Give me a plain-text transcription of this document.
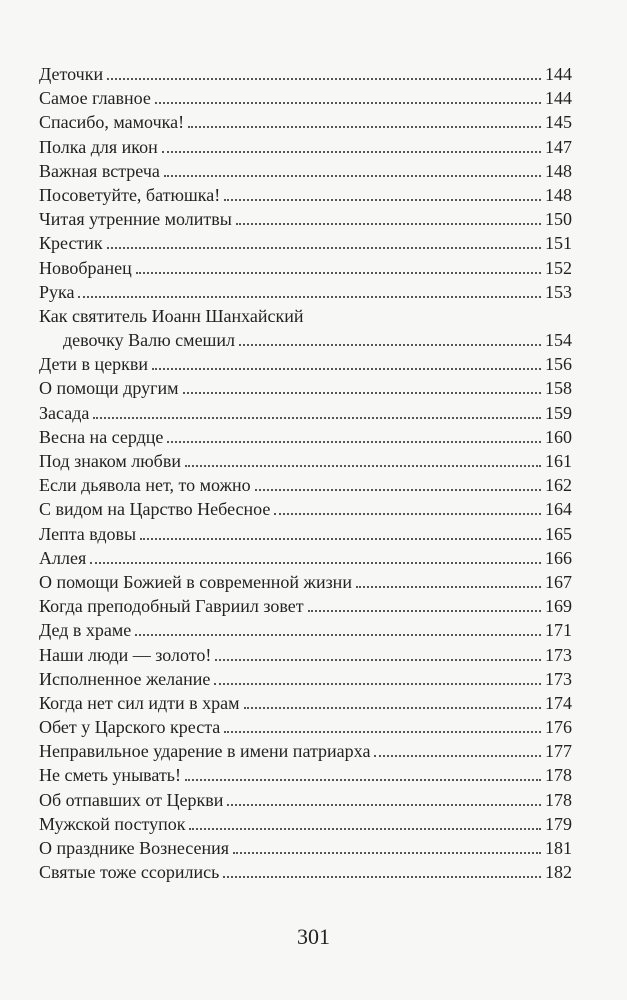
Деточки	144
Самое главное	144
Спасибо, мамочка!	145
Полка для икон	147
Важная встреча	148
Посоветуйте, батюшка!	148
Читая утренние молитвы	150
Крестик	151
Новобранец	152
Рука	153
Как святитель Иоанн Шанхайский
девочку Валю смешил	154
Дети в церкви	156
О помощи другим	158
Засада	159
Весна на сердце	160
Под знаком любви	161
Если дьявола нет, то можно	162
С видом на Царство Небесное	164
Лепта вдовы	165
Аллея	166
О помощи Божией в современной жизни	167
Когда преподобный Гавриил зовет	169
Дед в храме	171
Наши люди — золото!	173
Исполненное желание	173
Когда нет сил идти в храм	174
Обет у Царского креста	176
Неправильное ударение в имени патриарха	177
Не сметь унывать!	178
Об отпавших от Церкви	178
Мужской поступок	179
О празднике Вознесения	181
Святые тоже ссорились	182
301
